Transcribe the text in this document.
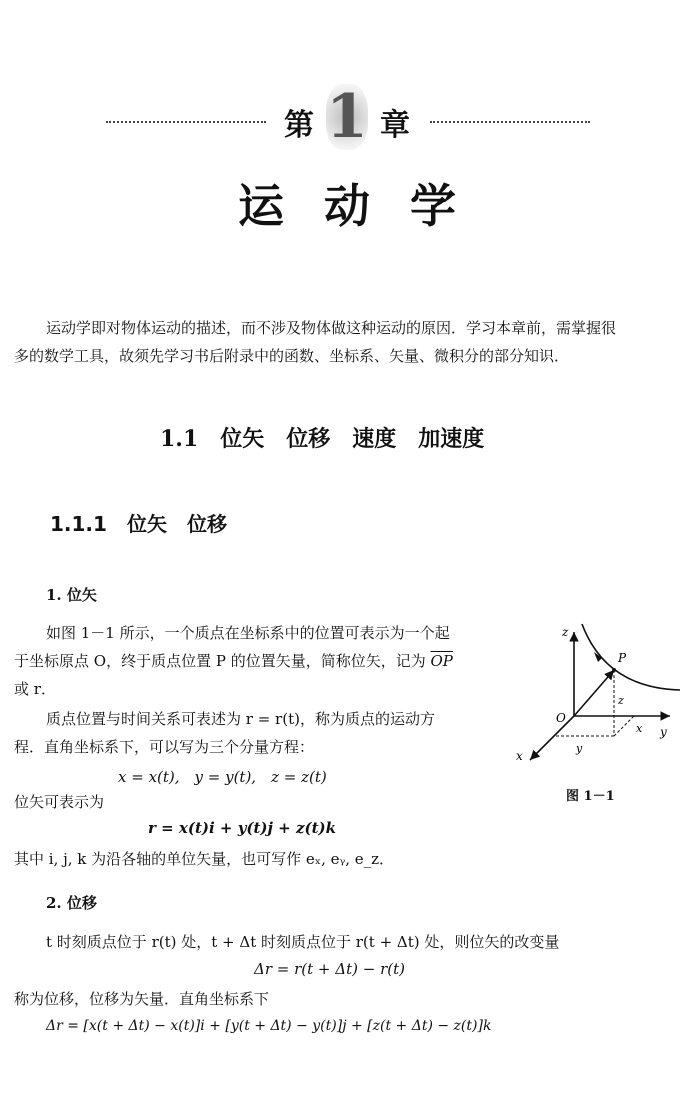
第 1 章
运动学
运动学即对物体运动的描述，而不涉及物体做这种运动的原因．学习本章前，需掌握很
多的数学工具，故须先学习书后附录中的函数、坐标系、矢量、微积分的部分知识．
1.1　位矢　位移　速度　加速度
1.1.1　位矢　位移
1. 位矢
如图 1－1 所示，一个质点在坐标系中的位置可表示为一个起
于坐标原点 O，终于质点位置 P 的位置矢量，简称位矢，记为 $\overline{OP}$
或 r．
质点位置与时间关系可表述为 r = r(t)，称为质点的运动方
程．直角坐标系下，可以写为三个分量方程：
x = x(t),　y = y(t),　z = z(t)
位矢可表示为
r = x(t)i + y(t)j + z(t)k
其中 i, j, k 为沿各轴的单位矢量，也可写作 eₓ, eᵧ, e_z．
z
P
z
O
x
y
x
y
图 1－1
2. 位移
t 时刻质点位于 r(t) 处，t + Δt 时刻质点位于 r(t + Δt) 处，则位矢的改变量
Δr = r(t + Δt) − r(t)
称为位移，位移为矢量．直角坐标系下
Δr = [x(t + Δt) − x(t)]i + [y(t + Δt) − y(t)]j + [z(t + Δt) − z(t)]k
